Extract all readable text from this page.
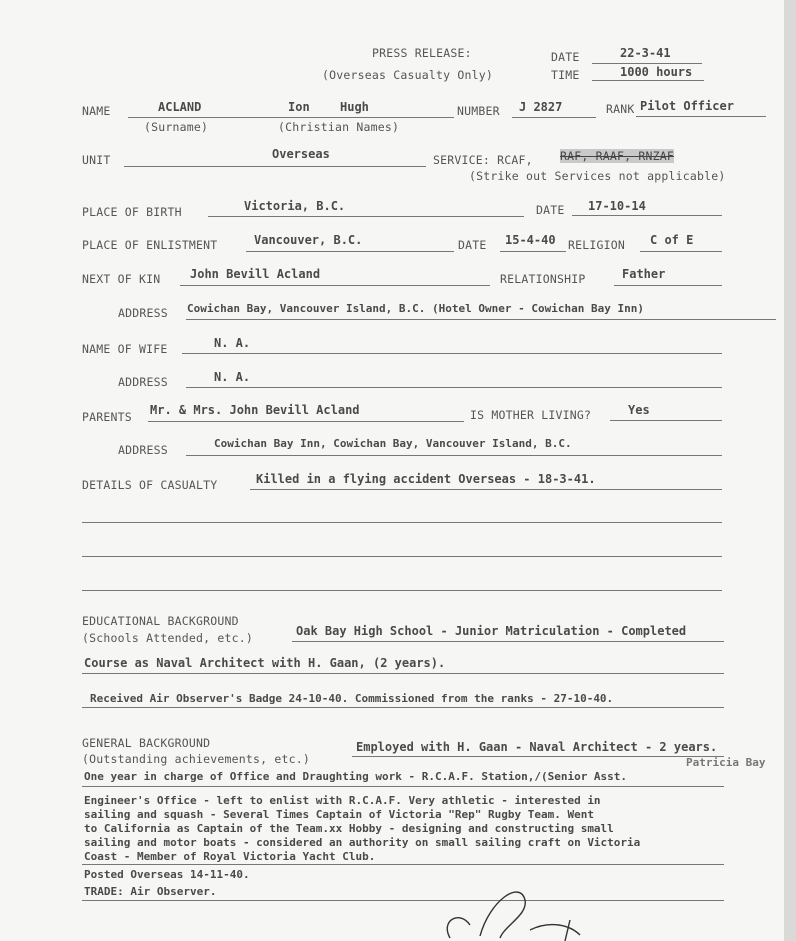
PRESS RELEASE:
(Overseas Casualty Only)
DATE	22-3-41
TIME	1000 hours
NAME	ACLAND	Ion	Hugh
(Surname)	(Christian Names)
NUMBER J 2827	RANK Pilot Officer
UNIT	Overseas	SERVICE: RCAF, RAF, RAAF, RNZAF
(Strike out Services not applicable)
PLACE OF BIRTH	Victoria, B.C.	DATE 17-10-14
PLACE OF ENLISTMENT	Vancouver, B.C.	DATE 15-4-40 RELIGION C of E
NEXT OF KIN John Bevill Acland	RELATIONSHIP	Father
ADDRESS Cowichan Bay, Vancouver Island, B.C. (Hotel Owner - Cowichan Bay Inn)
NAME OF WIFE	N. A.
ADDRESS	N. A.
PARENTS Mr. & Mrs. John Bevill Acland	IS MOTHER LIVING?	Yes
ADDRESS	Cowichan Bay Inn, Cowichan Bay, Vancouver Island, B.C.
DETAILS OF CASUALTY	Killed in a flying accident Overseas - 18-3-41.
EDUCATIONAL BACKGROUND
(Schools Attended, etc.)	Oak Bay High School - Junior Matriculation - Completed
Course as Naval Architect with H. Gaan, (2 years).
Received Air Observer's Badge 24-10-40. Commissioned from the ranks - 27-10-40.
GENERAL BACKGROUND
(Outstanding achievements, etc.)
Employed with H. Gaan - Naval Architect - 2 years.
Patricia Bay
One year in charge of Office and Draughting work - R.C.A.F. Station,/(Senior Asst.
Engineer's Office - left to enlist with R.C.A.F. Very athletic - interested in
sailing and squash - Several Times Captain of Victoria "Rep" Rugby Team. Went
to California as Captain of the Team.xx Hobby - designing and constructing small
sailing and motor boats - considered an authority on small sailing craft on Victoria
Coast - Member of Royal Victoria Yacht Club.
Posted Overseas 14-11-40.
TRADE: Air Observer.
